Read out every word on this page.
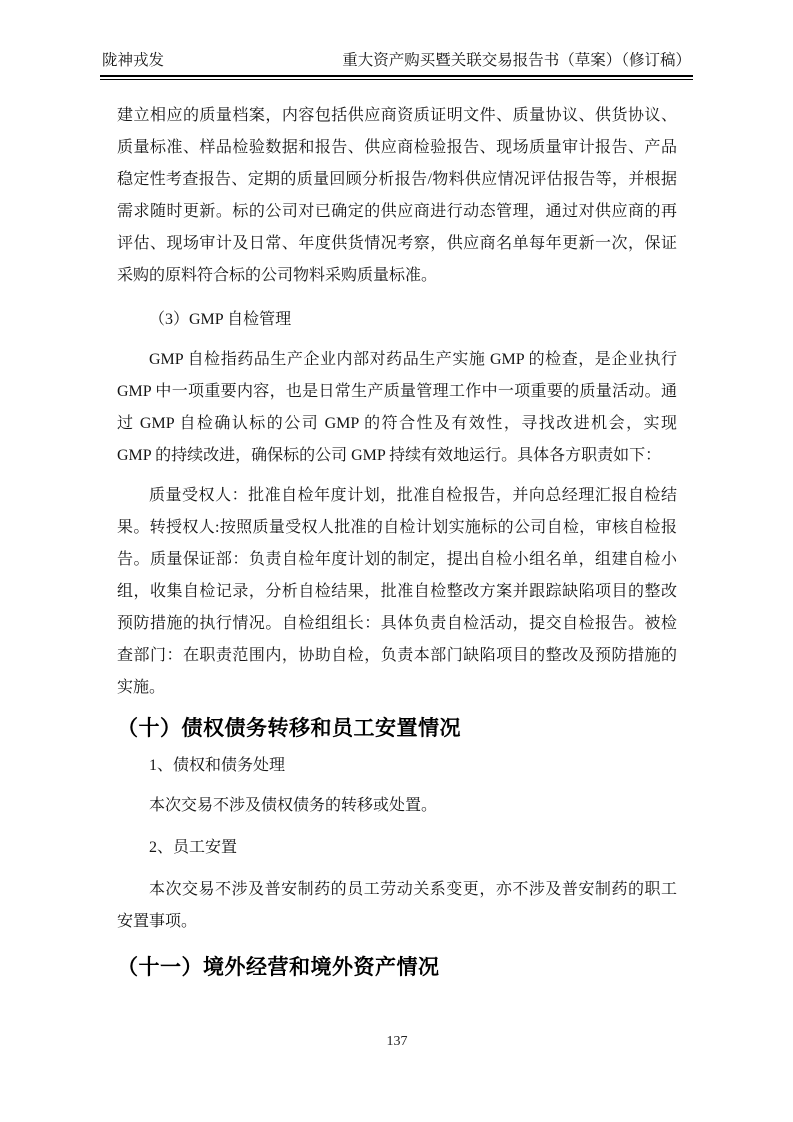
陇神戎发	重大资产购买暨关联交易报告书（草案）（修订稿）
建立相应的质量档案，内容包括供应商资质证明文件、质量协议、供货协议、
质量标准、样品检验数据和报告、供应商检验报告、现场质量审计报告、产品
稳定性考查报告、定期的质量回顾分析报告/物料供应情况评估报告等，并根据
需求随时更新。标的公司对已确定的供应商进行动态管理，通过对供应商的再
评估、现场审计及日常、年度供货情况考察，供应商名单每年更新一次，保证
采购的原料符合标的公司物料采购质量标准。
（3）GMP 自检管理
GMP 自检指药品生产企业内部对药品生产实施 GMP 的检查，是企业执行
GMP 中一项重要内容，也是日常生产质量管理工作中一项重要的质量活动。通
过 GMP 自检确认标的公司 GMP 的符合性及有效性，寻找改进机会，实现
GMP 的持续改进，确保标的公司 GMP 持续有效地运行。具体各方职责如下：
质量受权人：批准自检年度计划，批准自检报告，并向总经理汇报自检结
果。转授权人:按照质量受权人批准的自检计划实施标的公司自检，审核自检报
告。质量保证部：负责自检年度计划的制定，提出自检小组名单，组建自检小
组，收集自检记录，分析自检结果，批准自检整改方案并跟踪缺陷项目的整改
预防措施的执行情况。自检组组长：具体负责自检活动，提交自检报告。被检
查部门：在职责范围内，协助自检，负责本部门缺陷项目的整改及预防措施的
实施。
（十）债权债务转移和员工安置情况
1、债权和债务处理
本次交易不涉及债权债务的转移或处置。
2、员工安置
本次交易不涉及普安制药的员工劳动关系变更，亦不涉及普安制药的职工
安置事项。
（十一）境外经营和境外资产情况
137
